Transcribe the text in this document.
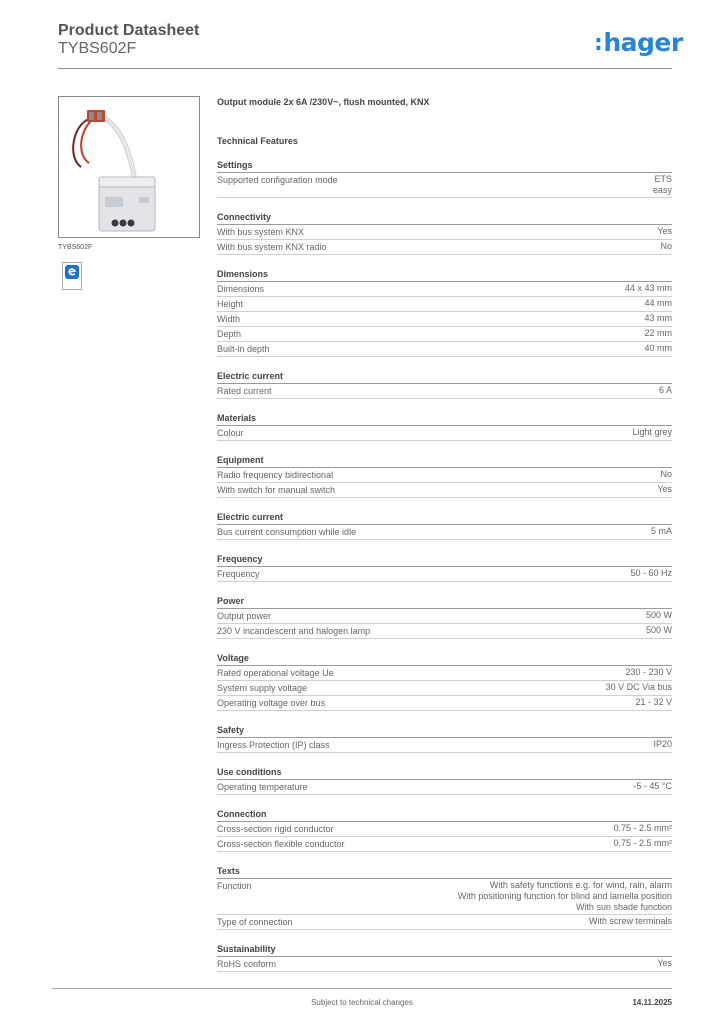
Product Datasheet
TYBS602F	:hager
TYBS602F
Output module 2x 6A /230V~, flush mounted, KNX
Technical Features
Settings
Supported configuration mode	ETS
easy
Connectivity
With bus system KNX	Yes
With bus system KNX radio	No
Dimensions
Dimensions	44 x 43 mm
Height	44 mm
Width	43 mm
Depth	22 mm
Built-in depth	40 mm
Electric current
Rated current	6 A
Materials
Colour	Light grey
Equipment
Radio frequency bidirectional	No
With switch for manual switch	Yes
Electric current
Bus current consumption while idle	5 mA
Frequency
Frequency	50 - 60 Hz
Power
Output power	500 W
230 V incandescent and halogen lamp	500 W
Voltage
Rated operational voltage Ue	230 - 230 V
System supply voltage	30 V DC Via bus
Operating voltage over bus	21 - 32 V
Safety
Ingress Protection (IP) class	IP20
Use conditions
Operating temperature	-5 - 45 °C
Connection
Cross-section rigid conductor	0.75 - 2.5 mm²
Cross-section flexible conductor	0.75 - 2.5 mm²
Texts
Function	With safety functions e.g. for wind, rain, alarm
With positioning function for blind and lamella position
With sun shade function
Type of connection	With screw terminals
Sustainability
RoHS conform	Yes
Subject to technical changes	14.11.2025
